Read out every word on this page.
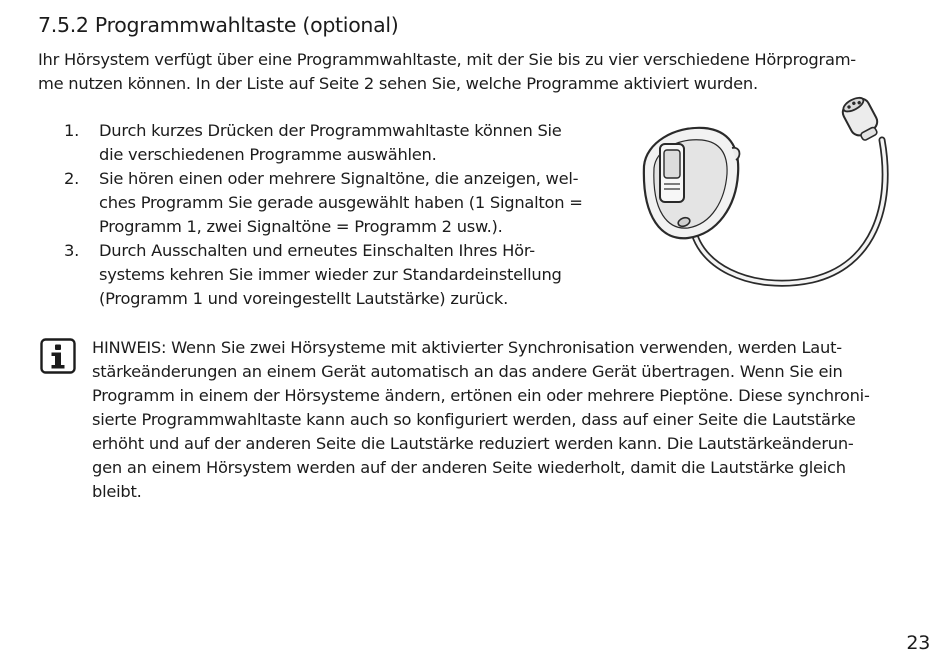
7.5.2 Programmwahltaste (optional)
Ihr Hörsystem verfügt über eine Programmwahltaste, mit der Sie bis zu vier verschiedene Hörprogram-
me nutzen können. In der Liste auf Seite 2 sehen Sie, welche Programme aktiviert wurden.
1. Durch kurzes Drücken der Programmwahltaste können Sie
die verschiedenen Programme auswählen.
2. Sie hören einen oder mehrere Signaltöne, die anzeigen, wel-
ches Programm Sie gerade ausgewählt haben (1 Signalton =
Programm 1, zwei Signaltöne = Programm 2 usw.).
3. Durch Ausschalten und erneutes Einschalten Ihres Hör-
systems kehren Sie immer wieder zur Standardeinstellung
(Programm 1 und voreingestellt Lautstärke) zurück.
HINWEIS: Wenn Sie zwei Hörsysteme mit aktivierter Synchronisation verwenden, werden Laut-
stärkeänderungen an einem Gerät automatisch an das andere Gerät übertragen. Wenn Sie ein
Programm in einem der Hörsysteme ändern, ertönen ein oder mehrere Pieptöne. Diese synchroni-
sierte Programmwahltaste kann auch so konfiguriert werden, dass auf einer Seite die Lautstärke
erhöht und auf der anderen Seite die Lautstärke reduziert werden kann. Die Lautstärkeänderun-
gen an einem Hörsystem werden auf der anderen Seite wiederholt, damit die Lautstärke gleich
bleibt.
23
